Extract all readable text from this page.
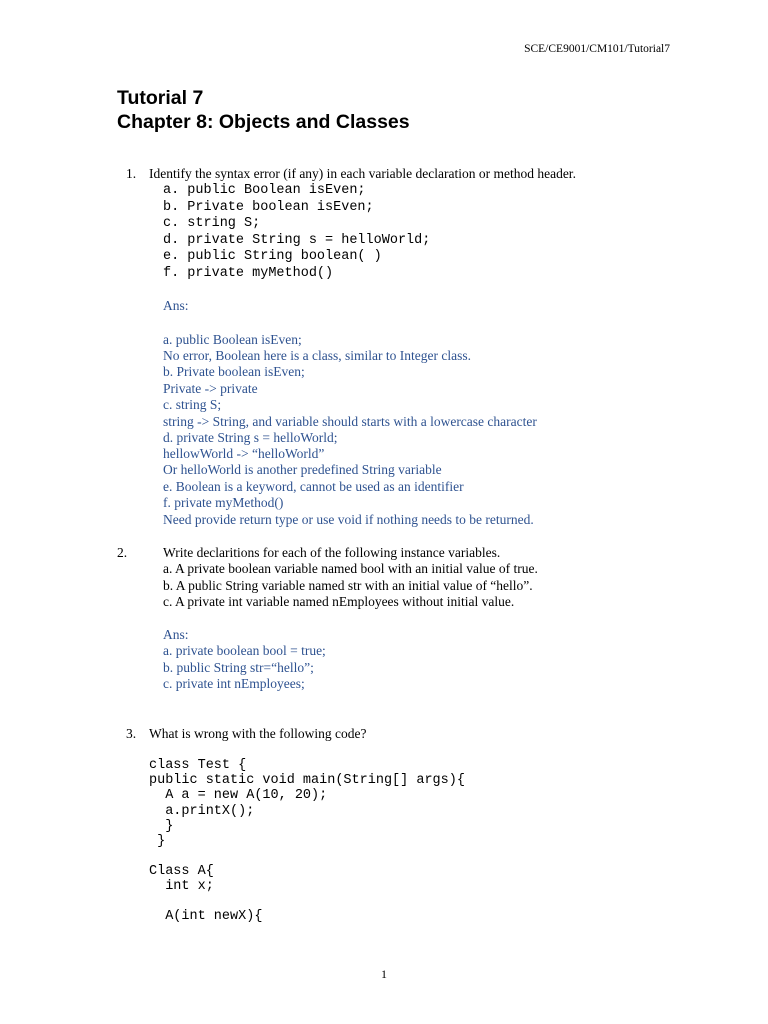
SCE/CE9001/CM101/Tutorial7
Tutorial 7
Chapter 8: Objects and Classes
1. Identify the syntax error (if any) in each variable declaration or method header.
a. public Boolean isEven;
b. Private boolean isEven;
c. string S;
d. private String s = helloWorld;
e. public String boolean( )
f. private myMethod()
Ans:
a. public Boolean isEven;
No error, Boolean here is a class, similar to Integer class.
b. Private boolean isEven;
Private -> private
c. string S;
string -> String, and variable should starts with a lowercase character
d. private String s = helloWorld;
hellowWorld -> “helloWorld”
Or helloWorld is another predefined String variable
e. Boolean is a keyword, cannot be used as an identifier
f. private myMethod()
Need provide return type or use void if nothing needs to be returned.
2.	Write declaritions for each of the following instance variables.
a. A private boolean variable named bool with an initial value of true.
b. A public String variable named str with an initial value of “hello”.
c. A private int variable named nEmployees without initial value.
Ans:
a. private boolean bool = true;
b. public String str=“hello”;
c. private int nEmployees;
3. What is wrong with the following code?
class Test {
public static void main(String[] args){
A a = new A(10, 20);
a.printX();
}
}
Class A{
int x;
A(int newX){
1
